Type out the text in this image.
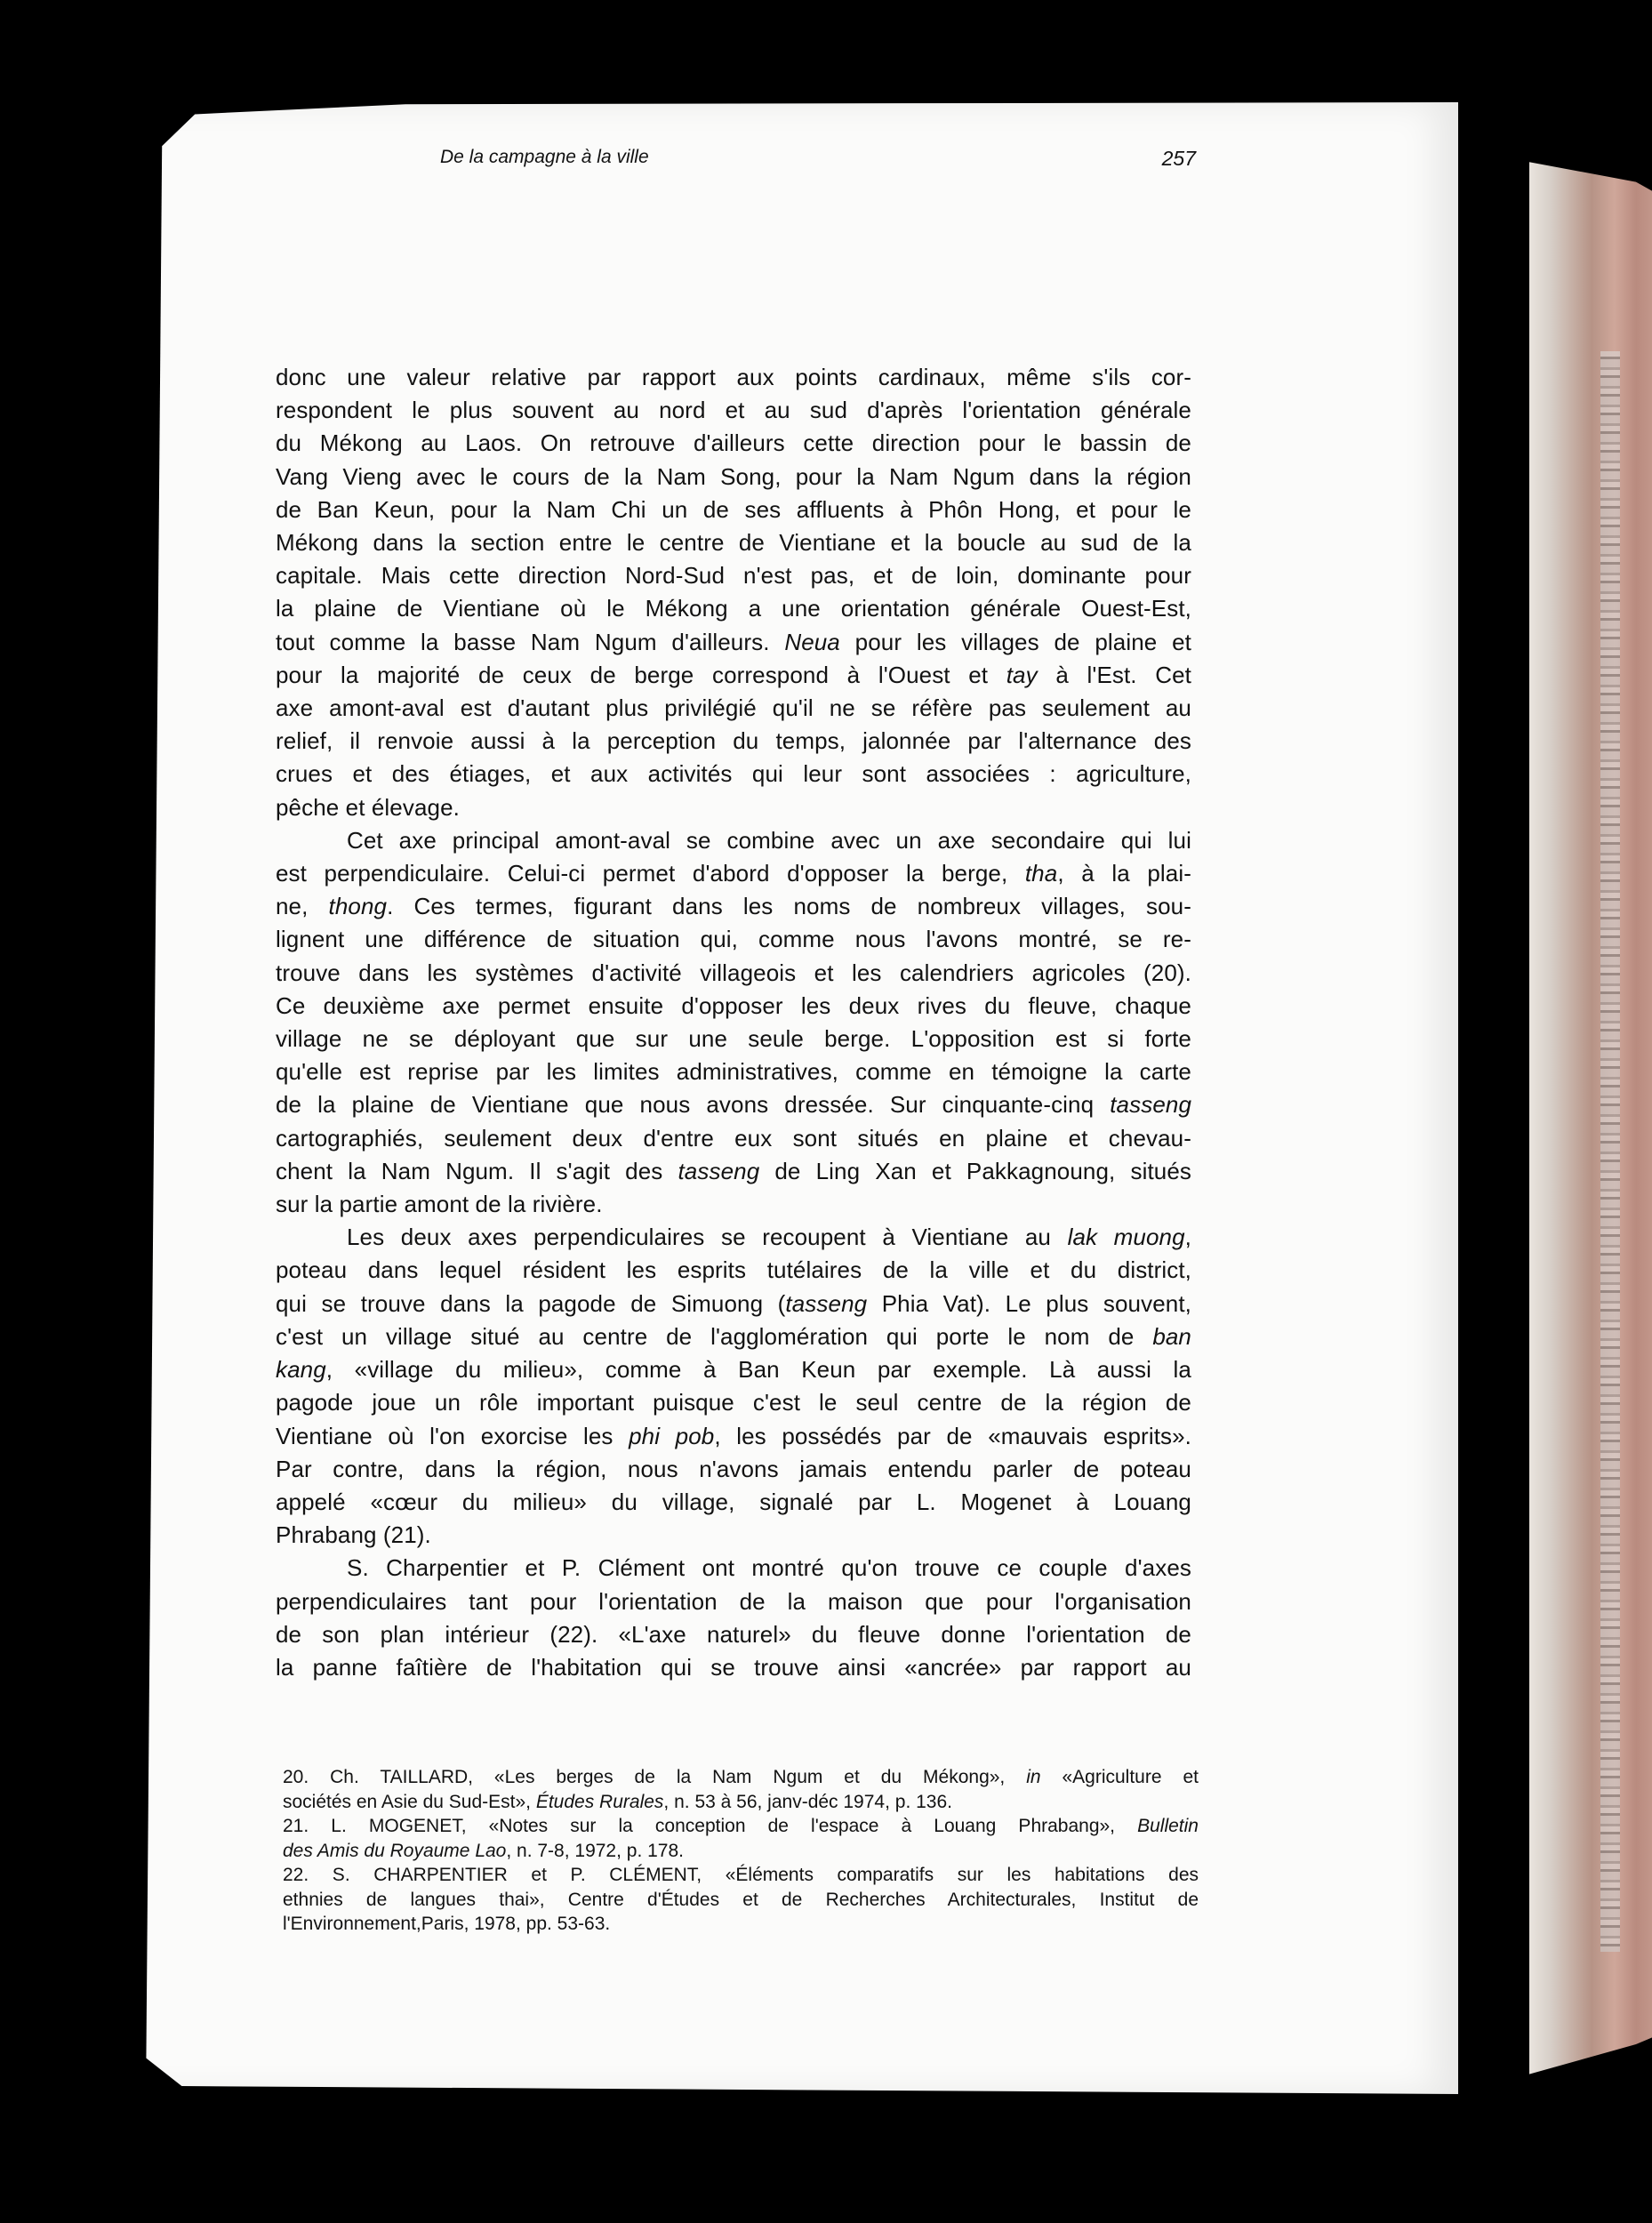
De la campagne à la ville	257
donc une valeur relative par rapport aux points cardinaux, même s'ils cor-
respondent le plus souvent au nord et au sud d'après l'orientation générale
du Mékong au Laos. On retrouve d'ailleurs cette direction pour le bassin de
Vang Vieng avec le cours de la Nam Song, pour la Nam Ngum dans la région
de Ban Keun, pour la Nam Chi un de ses affluents à Phôn Hong, et pour le
Mékong dans la section entre le centre de Vientiane et la boucle au sud de la
capitale. Mais cette direction Nord-Sud n'est pas, et de loin, dominante pour
la plaine de Vientiane où le Mékong a une orientation générale Ouest-Est,
tout comme la basse Nam Ngum d'ailleurs. Neua pour les villages de plaine et
pour la majorité de ceux de berge correspond à l'Ouest et tay à l'Est. Cet
axe amont-aval est d'autant plus privilégié qu'il ne se réfère pas seulement au
relief, il renvoie aussi à la perception du temps, jalonnée par l'alternance des
crues et des étiages, et aux activités qui leur sont associées : agriculture,
pêche et élevage.
Cet axe principal amont-aval se combine avec un axe secondaire qui lui
est perpendiculaire. Celui-ci permet d'abord d'opposer la berge, tha, à la plai-
ne, thong. Ces termes, figurant dans les noms de nombreux villages, sou-
lignent une différence de situation qui, comme nous l'avons montré, se re-
trouve dans les systèmes d'activité villageois et les calendriers agricoles (20).
Ce deuxième axe permet ensuite d'opposer les deux rives du fleuve, chaque
village ne se déployant que sur une seule berge. L'opposition est si forte
qu'elle est reprise par les limites administratives, comme en témoigne la carte
de la plaine de Vientiane que nous avons dressée. Sur cinquante-cinq tasseng
cartographiés, seulement deux d'entre eux sont situés en plaine et chevau-
chent la Nam Ngum. Il s'agit des tasseng de Ling Xan et Pakkagnoung, situés
sur la partie amont de la rivière.
Les deux axes perpendiculaires se recoupent à Vientiane au lak muong,
poteau dans lequel résident les esprits tutélaires de la ville et du district,
qui se trouve dans la pagode de Simuong (tasseng Phia Vat). Le plus souvent,
c'est un village situé au centre de l'agglomération qui porte le nom de ban
kang, «village du milieu», comme à Ban Keun par exemple. Là aussi la
pagode joue un rôle important puisque c'est le seul centre de la région de
Vientiane où l'on exorcise les phi pob, les possédés par de «mauvais esprits».
Par contre, dans la région, nous n'avons jamais entendu parler de poteau
appelé «cœur du milieu» du village, signalé par L. Mogenet à Louang
Phrabang (21).
S. Charpentier et P. Clément ont montré qu'on trouve ce couple d'axes
perpendiculaires tant pour l'orientation de la maison que pour l'organisation
de son plan intérieur (22). «L'axe naturel» du fleuve donne l'orientation de
la panne faîtière de l'habitation qui se trouve ainsi «ancrée» par rapport au
20. Ch. TAILLARD, «Les berges de la Nam Ngum et du Mékong», in «Agriculture et
sociétés en Asie du Sud-Est», Études Rurales, n. 53 à 56, janv-déc 1974, p. 136.
21. L. MOGENET, «Notes sur la conception de l'espace à Louang Phrabang», Bulletin
des Amis du Royaume Lao, n. 7-8, 1972, p. 178.
22. S. CHARPENTIER et P. CLÉMENT, «Éléments comparatifs sur les habitations des
ethnies de langues thai», Centre d'Études et de Recherches Architecturales, Institut de
l'Environnement,Paris, 1978, pp. 53-63.
